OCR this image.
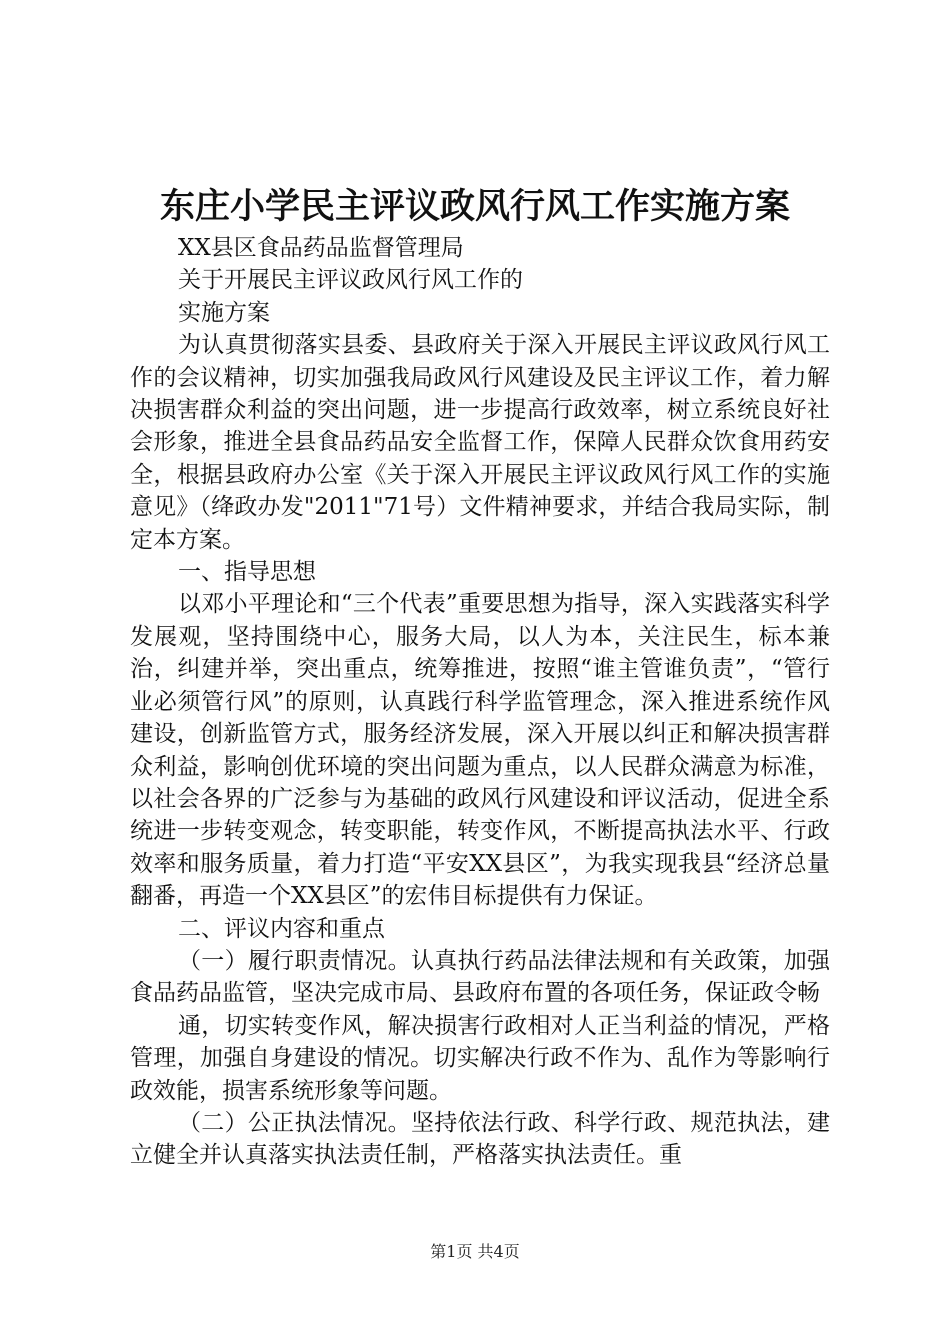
东庄小学民主评议政风行风工作实施方案

XX县区食品药品监督管理局

关于开展民主评议政风行风工作的

实施方案

为认真贯彻落实县委、县政府关于深入开展民主评议政风行风工作的会议精神，切实加强我局政风行风建设及民主评议工作，着力解决损害群众利益的突出问题，进一步提高行政效率，树立系统良好社会形象，推进全县食品药品安全监督工作，保障人民群众饮食用药安全，根据县政府办公室《关于深入开展民主评议政风行风工作的实施意见》（绛政办发"2011"71号）文件精神要求，并结合我局实际，制定本方案。

一、指导思想

以邓小平理论和“三个代表”重要思想为指导，深入实践落实科学发展观，坚持围绕中心，服务大局，以人为本，关注民生，标本兼治，纠建并举，突出重点，统筹推进，按照“谁主管谁负责”，“管行业必须管行风”的原则，认真践行科学监管理念，深入推进系统作风建设，创新监管方式，服务经济发展，深入开展以纠正和解决损害群众利益，影响创优环境的突出问题为重点，以人民群众满意为标准，以社会各界的广泛参与为基础的政风行风建设和评议活动，促进全系统进一步转变观念，转变职能，转变作风，不断提高执法水平、行政效率和服务质量，着力打造“平安XX县区”，为我实现我县“经济总量翻番，再造一个XX县区”的宏伟目标提供有力保证。

二、评议内容和重点

（一）履行职责情况。认真执行药品法律法规和有关政策，加强食品药品监管，坚决完成市局、县政府布置的各项任务，保证政令畅

通，切实转变作风，解决损害行政相对人正当利益的情况，严格管理，加强自身建设的情况。切实解决行政不作为、乱作为等影响行政效能，损害系统形象等问题。

（二）公正执法情况。坚持依法行政、科学行政、规范执法，建立健全并认真落实执法责任制，严格落实执法责任。重

第1页 共4页
